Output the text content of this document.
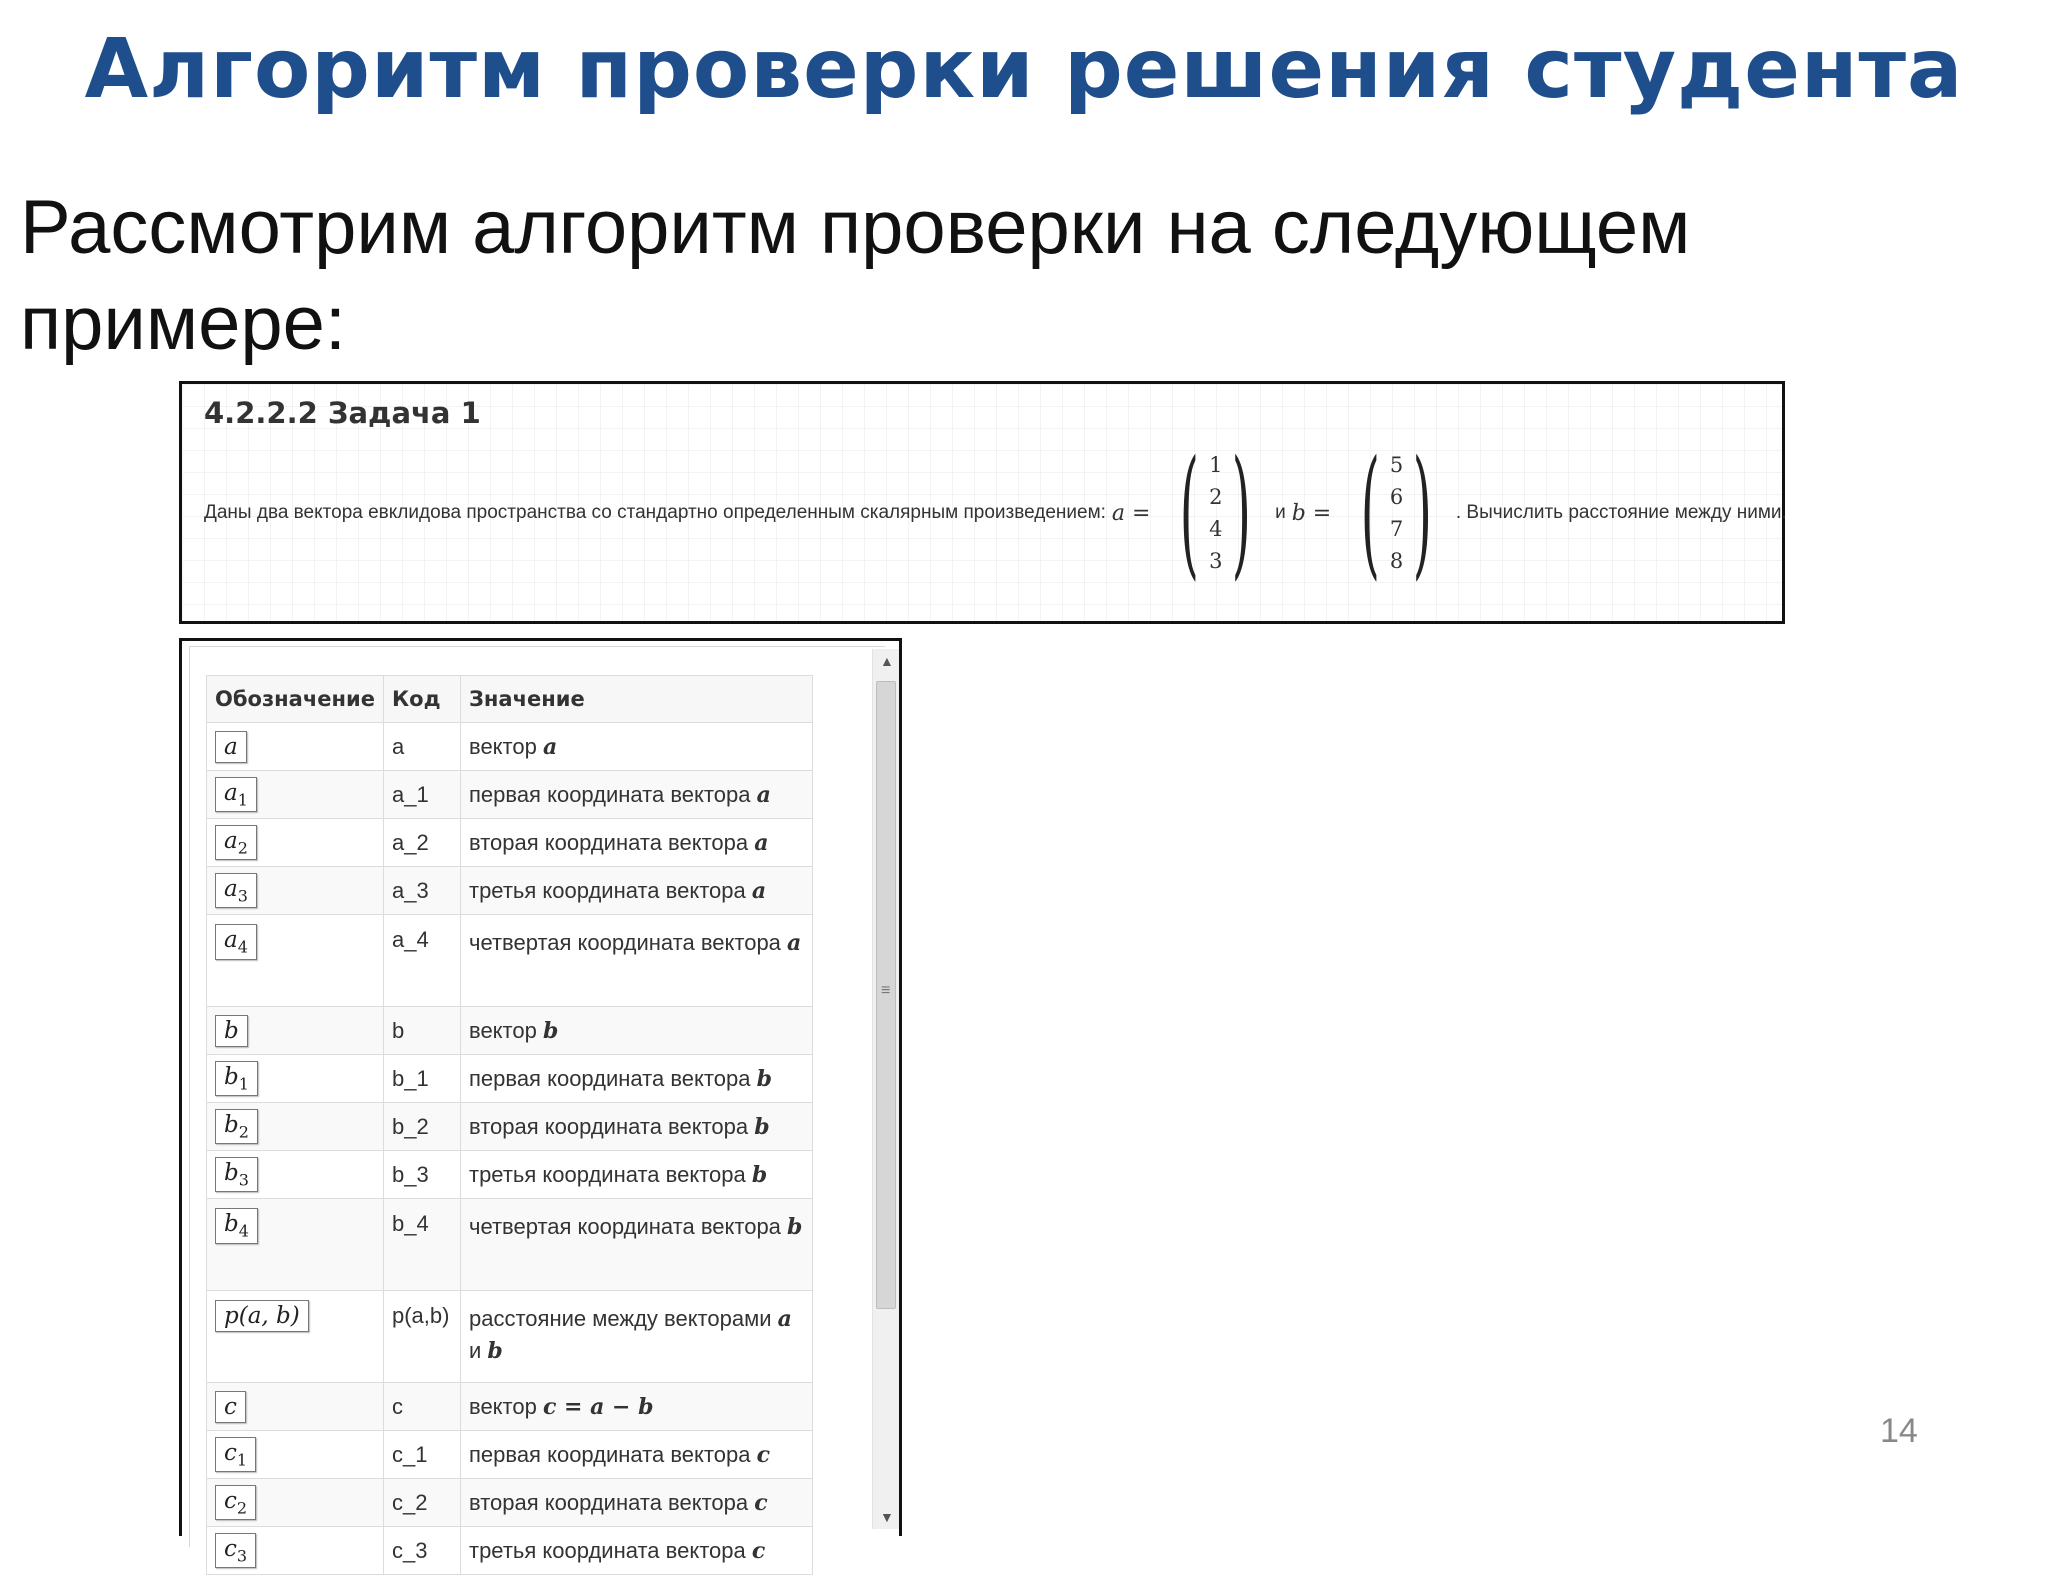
Алгоритм проверки решения студента

Рассмотрим алгоритм проверки на следующем примере:

4.2.2.2 Задача 1
Даны два вектора евклидова пространства со стандартно определенным скалярным произведением: a = ( 1
2
4
3 ) и b = ( 5
6
7
8 ) . Вычислить расстояние между ними.
Обозначение	Код	Значение
a	a	вектор a
$a_1$	a_1	первая координата вектора a
$a_2$	a_2	вторая координата вектора a
$a_3$	a_3	третья координата вектора a
$a_4$	a_4	четвертая координата вектора a
b	b	вектор b
$b_1$	b_1	первая координата вектора b
$b_2$	b_2	вторая координата вектора b
$b_3$	b_3	третья координата вектора b
$b_4$	b_4	четвертая координата вектора b
p(a, b)	p(a,b)	расстояние между векторами a
и b
c	c	вектор c = a − b
$c_1$	c_1	первая координата вектора c
$c_2$	c_2	вторая координата вектора c
$c_3$	c_3	третья координата вектора c
▲
≡
▼
14
